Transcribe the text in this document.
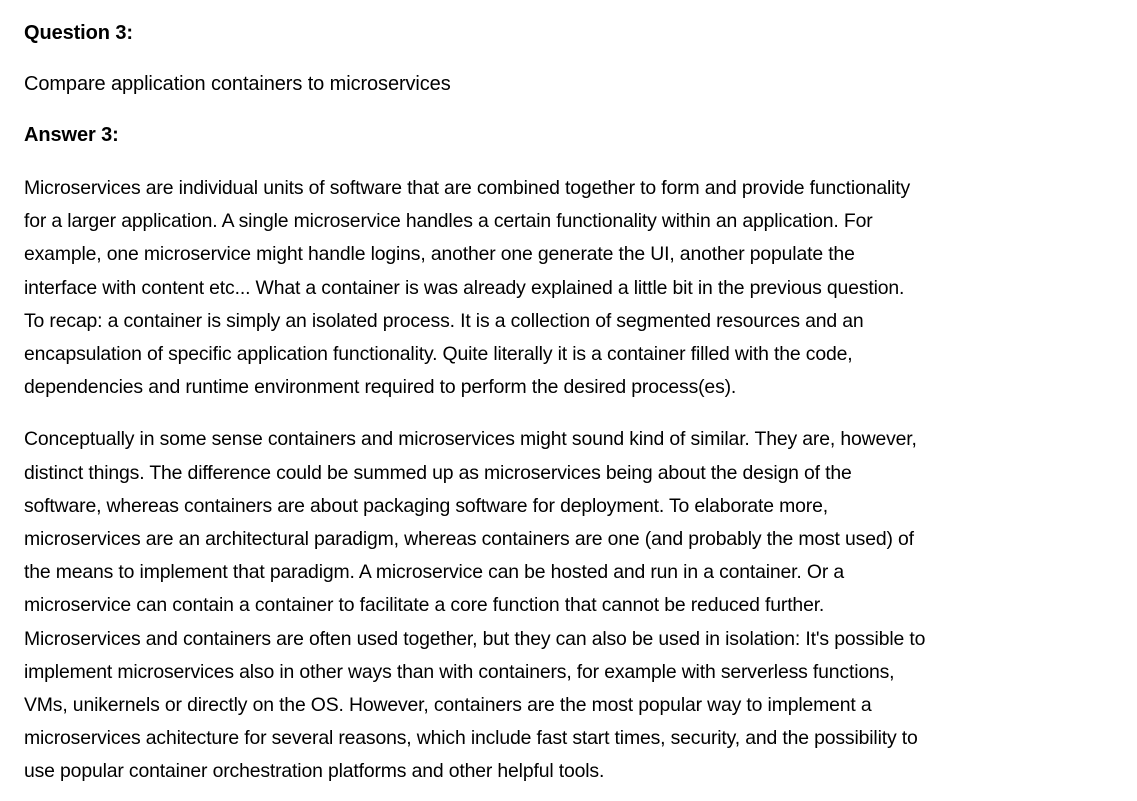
Question 3:

Compare application containers to microservices

Answer 3:

Microservices are individual units of software that are combined together to form and provide functionality
for a larger application. A single microservice handles a certain functionality within an application. For
example, one microservice might handle logins, another one generate the UI, another populate the
interface with content etc... What a container is was already explained a little bit in the previous question.
To recap: a container is simply an isolated process. It is a collection of segmented resources and an
encapsulation of specific application functionality. Quite literally it is a container filled with the code,
dependencies and runtime environment required to perform the desired process(es).
Conceptually in some sense containers and microservices might sound kind of similar. They are, however,
distinct things. The difference could be summed up as microservices being about the design of the
software, whereas containers are about packaging software for deployment. To elaborate more,
microservices are an architectural paradigm, whereas containers are one (and probably the most used) of
the means to implement that paradigm. A microservice can be hosted and run in a container. Or a
microservice can contain a container to facilitate a core function that cannot be reduced further.
Microservices and containers are often used together, but they can also be used in isolation: It's possible to
implement microservices also in other ways than with containers, for example with serverless functions,
VMs, unikernels or directly on the OS. However, containers are the most popular way to implement a
microservices achitecture for several reasons, which include fast start times, security, and the possibility to
use popular container orchestration platforms and other helpful tools.
